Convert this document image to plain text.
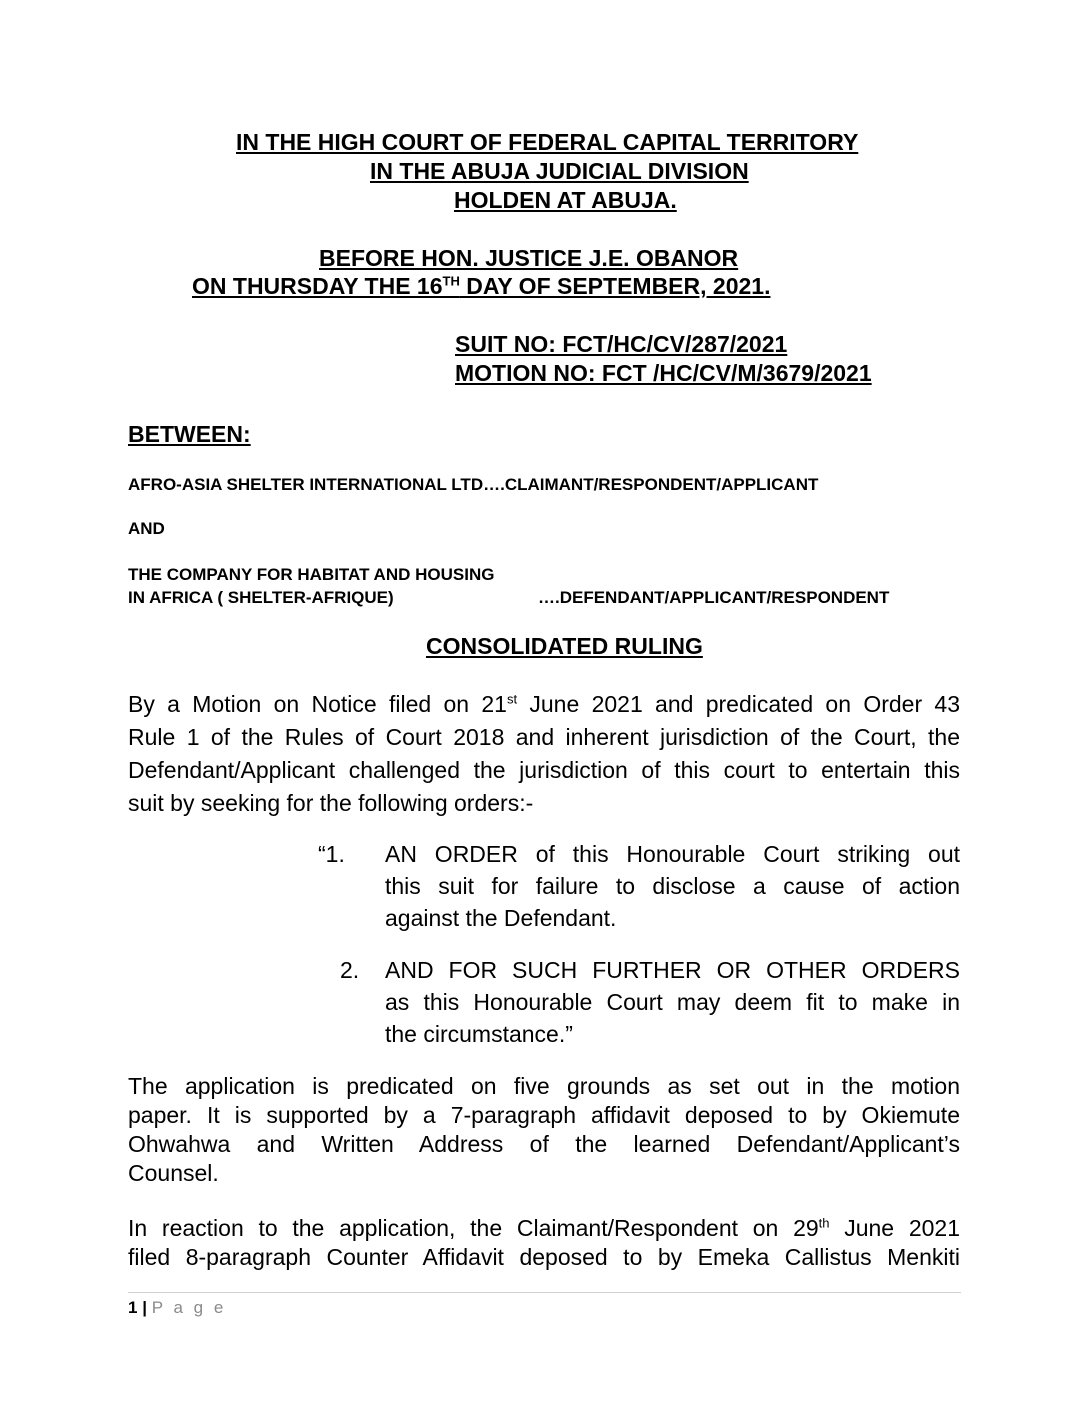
IN THE HIGH COURT OF FEDERAL CAPITAL TERRITORY
IN THE ABUJA JUDICIAL DIVISION
HOLDEN AT ABUJA.
BEFORE HON. JUSTICE J.E. OBANOR
ON THURSDAY THE 16TH DAY OF SEPTEMBER, 2021.
SUIT NO: FCT/HC/CV/287/2021
MOTION NO: FCT /HC/CV/M/3679/2021
BETWEEN:
AFRO-ASIA SHELTER INTERNATIONAL LTD….CLAIMANT/RESPONDENT/APPLICANT
AND
THE COMPANY FOR HABITAT AND HOUSING
IN AFRICA ( SHELTER-AFRIQUE)	….DEFENDANT/APPLICANT/RESPONDENT
CONSOLIDATED RULING
By a Motion on Notice filed on 21st June 2021 and predicated on Order 43
Rule 1 of the Rules of Court 2018 and inherent jurisdiction of the Court, the
Defendant/Applicant challenged the jurisdiction of this court to entertain this
suit by seeking for the following orders:-
“1. AN ORDER of this Honourable Court striking out
this suit for failure to disclose a cause of action
against the Defendant.
2. AND FOR SUCH FURTHER OR OTHER ORDERS
as this Honourable Court may deem fit to make in
the circumstance.”
The application is predicated on five grounds as set out in the motion
paper. It is supported by a 7-paragraph affidavit deposed to by Okiemute
Ohwahwa and Written Address of the learned Defendant/Applicant’s
Counsel.
In reaction to the application, the Claimant/Respondent on 29th June 2021
filed 8-paragraph Counter Affidavit deposed to by Emeka Callistus Menkiti
1 | P a g e
